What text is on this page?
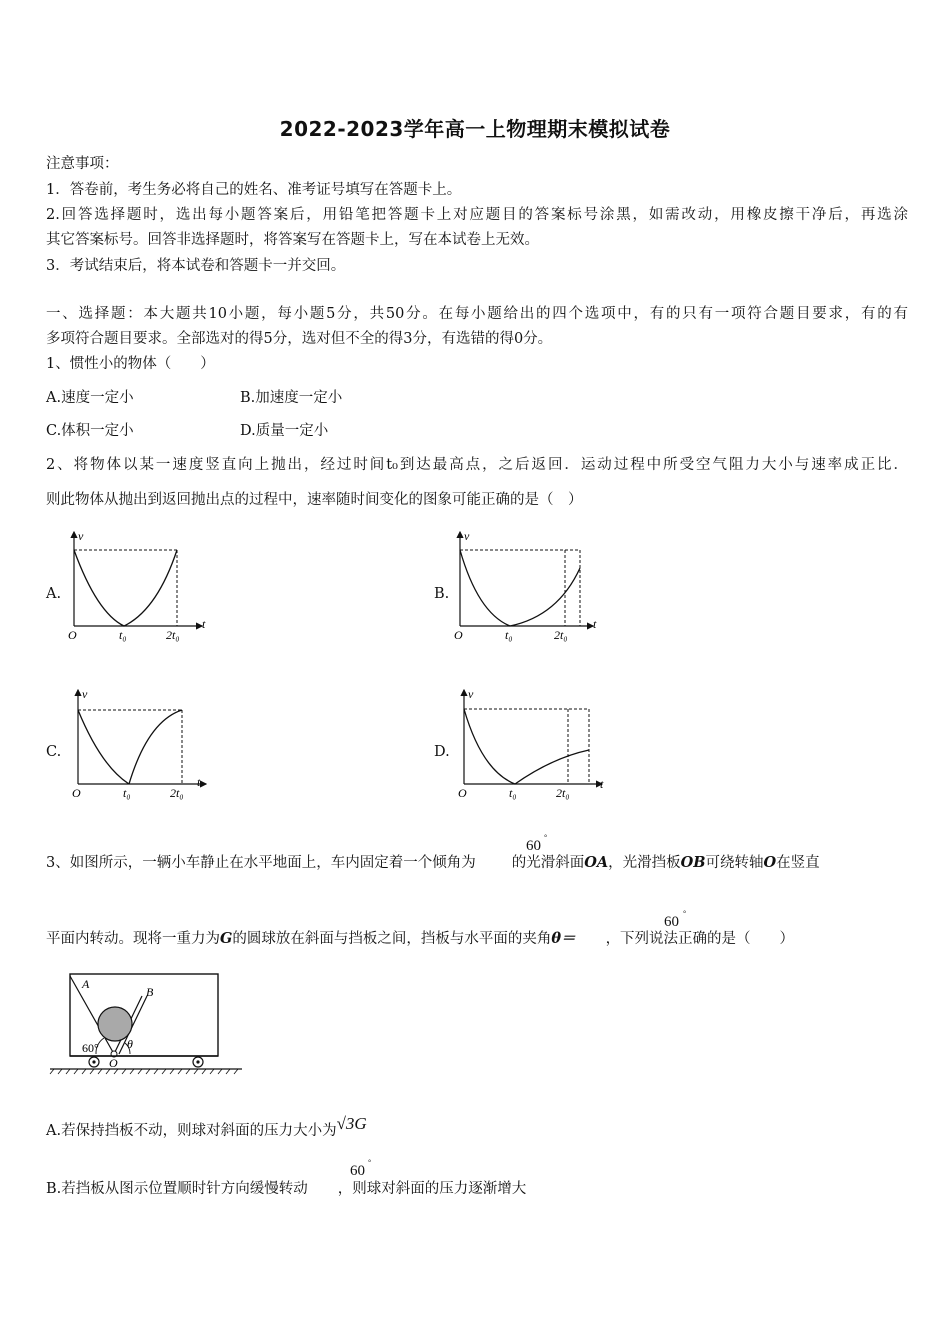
2022-2023学年高一上物理期末模拟试卷
注意事项：
1．答卷前，考生务必将自己的姓名、准考证号填写在答题卡上。
2.回答选择题时，选出每小题答案后，用铅笔把答题卡上对应题目的答案标号涂黑，如需改动，用橡皮擦干净后，再选涂
其它答案标号。回答非选择题时，将答案写在答题卡上，写在本试卷上无效。
3．考试结束后，将本试卷和答题卡一并交回。
一、选择题：本大题共10小题，每小题5分，共50分。在每小题给出的四个选项中，有的只有一项符合题目要求，有的有
多项符合题目要求。全部选对的得5分，选对但不全的得3分，有选错的得0分。
1、惯性小的物体（　　）
A.速度一定小	B.加速度一定小
C.体积一定小	D.质量一定小
2、将物体以某一速度竖直向上抛出，经过时间t₀到达最高点，之后返回．运动过程中所受空气阻力大小与速率成正比．
则此物体从抛出到返回抛出点的过程中，速率随时间变化的图象可能正确的是（　）
A.	B.
C.	D.
v
t
O	t₀	2t₀
v
t
O	t₀	2t₀
v
t
O	t₀	2t₀
v
t
O	t₀	2t₀
3、如图所示，一辆小车静止在水平地面上，车内固定着一个倾角为 的光滑斜面OA，光滑挡板OB可绕转轴O在竖直
60
°
平面内转动。现将一重力为G的圆球放在斜面与挡板之间，挡板与水平面的夹角θ＝ ，下列说法正确的是（　　）
60
°
A
B
60° θ
O
A.若保持挡板不动，则球对斜面的压力大小为√3G
B.若挡板从图示位置顺时针方向缓慢转动 ，则球对斜面的压力逐渐增大
60
°
